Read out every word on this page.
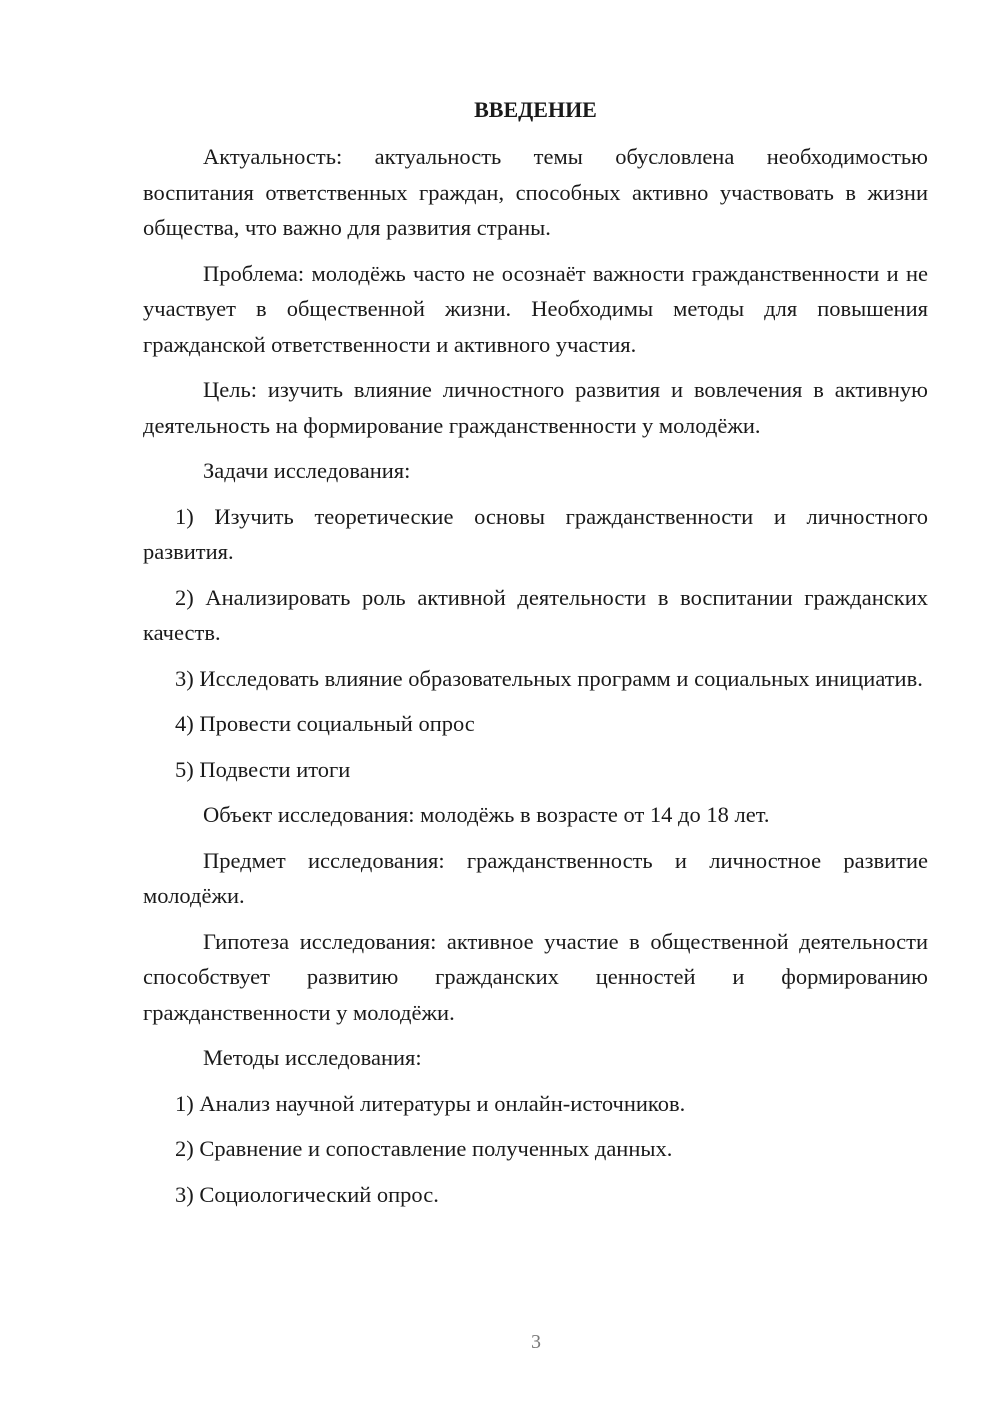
ВВЕДЕНИЕ

Актуальность: актуальность темы обусловлена необходимостью воспитания ответственных граждан, способных активно участвовать в жизни общества, что важно для развития страны.

Проблема: молодёжь часто не осознаёт важности гражданственности и не участвует в общественной жизни. Необходимы методы для повышения гражданской ответственности и активного участия.

Цель: изучить влияние личностного развития и вовлечения в активную деятельность на формирование гражданственности у молодёжи.

Задачи исследования:

1) Изучить теоретические основы гражданственности и личностного развития.

2) Анализировать роль активной деятельности в воспитании гражданских качеств.

3) Исследовать влияние образовательных программ и социальных инициатив.

4) Провести социальный опрос

5) Подвести итоги

Объект исследования: молодёжь в возрасте от 14 до 18 лет.

Предмет исследования: гражданственность и личностное развитие молодёжи.

Гипотеза исследования: активное участие в общественной деятельности способствует развитию гражданских ценностей и формированию гражданственности у молодёжи.

Методы исследования:

1) Анализ научной литературы и онлайн-источников.

2) Сравнение и сопоставление полученных данных.

3) Социологический опрос.

3
